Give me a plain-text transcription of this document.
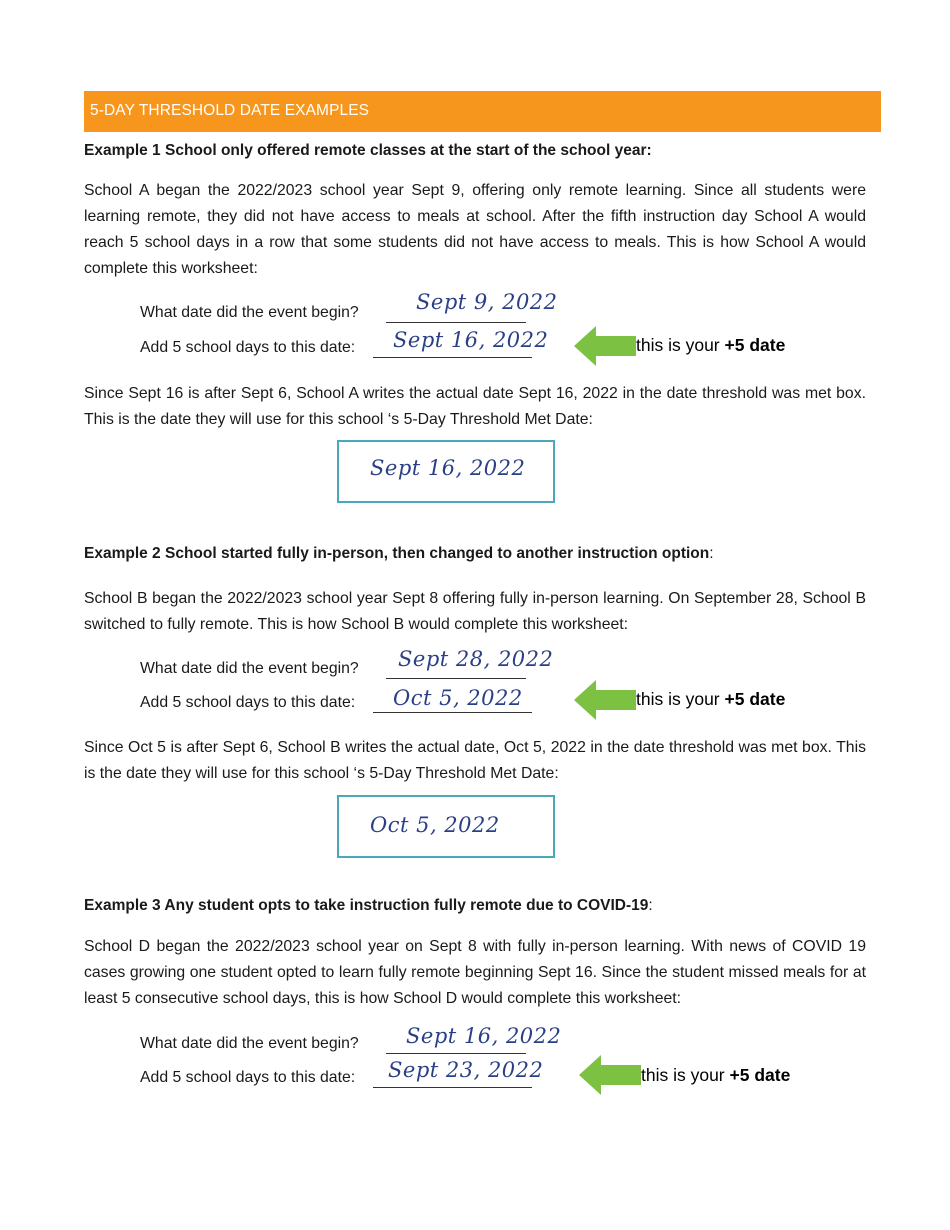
5-DAY THRESHOLD DATE EXAMPLES
Example 1 School only offered remote classes at the start of the school year:

School A began the 2022/2023 school year Sept 9, offering only remote learning. Since all students were learning remote, they did not have access to meals at school. After the fifth instruction day School A would reach 5 school days in a row that some students did not have access to meals. This is how School A would complete this worksheet:

What date did the event begin?	Sept 9, 2022
Add 5 school days to this date: Sept 16, 2022	this is your +5 date

Since Sept 16 is after Sept 6, School A writes the actual date Sept 16, 2022 in the date threshold was met box. This is the date they will use for this school ‘s 5-Day Threshold Met Date:

Sept 16, 2022
Example 2 School started fully in-person, then changed to another instruction option:

School B began the 2022/2023 school year Sept 8 offering fully in-person learning. On September 28, School B switched to fully remote. This is how School B would complete this worksheet:

What date did the event begin? Sept 28, 2022
Add 5 school days to this date: Oct 5, 2022	this is your +5 date

Since Oct 5 is after Sept 6, School B writes the actual date, Oct 5, 2022 in the date threshold was met box. This is the date they will use for this school ‘s 5-Day Threshold Met Date:

Oct 5, 2022
Example 3 Any student opts to take instruction fully remote due to COVID-19:

School D began the 2022/2023 school year on Sept 8 with fully in-person learning. With news of COVID 19 cases growing one student opted to learn fully remote beginning Sept 16. Since the student missed meals for at least 5 consecutive school days, this is how School D would complete this worksheet:

What date did the event begin? Sept 16, 2022
Add 5 school days to this date: Sept 23, 2022	this is your +5 date
